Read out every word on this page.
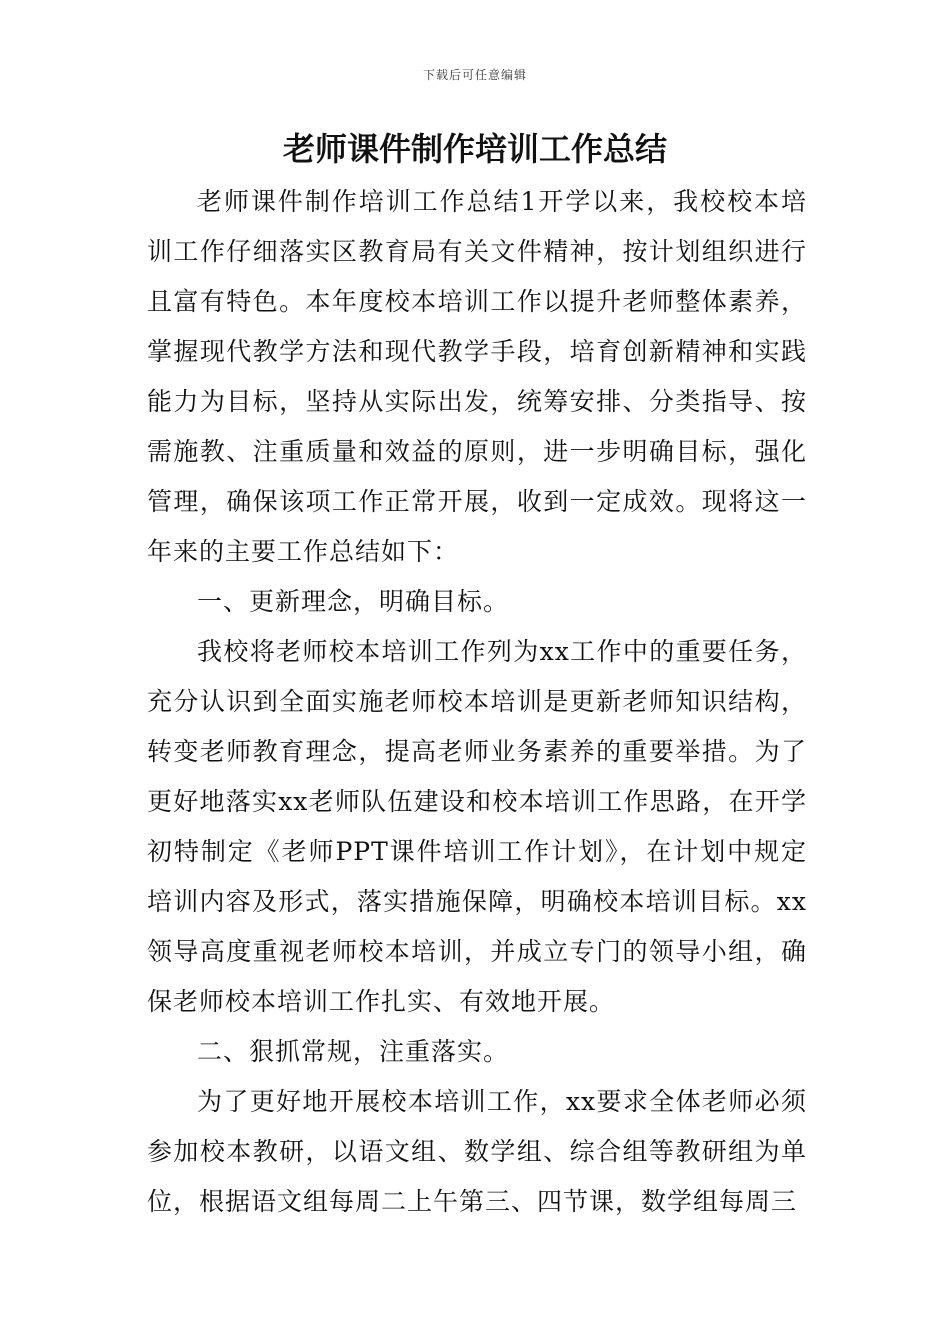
下载后可任意编辑
老师课件制作培训工作总结

老师课件制作培训工作总结1开学以来，我校校本培训工作仔细落实区教育局有关文件精神，按计划组织进行且富有特色。本年度校本培训工作以提升老师整体素养，掌握现代教学方法和现代教学手段，培育创新精神和实践能力为目标，坚持从实际出发，统筹安排、分类指导、按需施教、注重质量和效益的原则，进一步明确目标，强化管理，确保该项工作正常开展，收到一定成效。现将这一年来的主要工作总结如下：

一、更新理念，明确目标。

我校将老师校本培训工作列为xx工作中的重要任务，充分认识到全面实施老师校本培训是更新老师知识结构，转变老师教育理念，提高老师业务素养的重要举措。为了更好地落实xx老师队伍建设和校本培训工作思路，在开学初特制定《老师PPT课件培训工作计划》，在计划中规定培训内容及形式，落实措施保障，明确校本培训目标。xx领导高度重视老师校本培训，并成立专门的领导小组，确保老师校本培训工作扎实、有效地开展。

二、狠抓常规，注重落实。

为了更好地开展校本培训工作，xx要求全体老师必须参加校本教研，以语文组、数学组、综合组等教研组为单位，根据语文组每周二上午第三、四节课，数学组每周三
